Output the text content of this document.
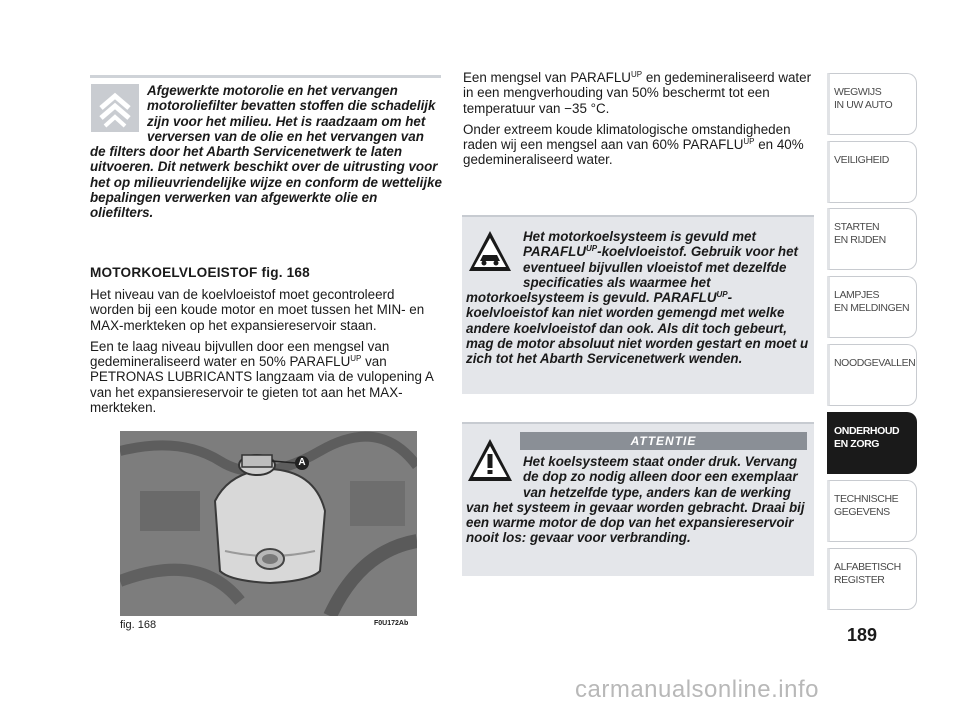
Afgewerkte motorolie en het vervangen motoroliefilter bevatten stoffen die schadelijk zijn voor het milieu. Het is raadzaam om het verversen van de olie en het vervangen van de filters door het Abarth Servicenetwerk te laten uitvoeren. Dit netwerk beschikt over de uitrusting voor het op milieuvriendelijke wijze en conform de wettelijke bepalingen verwerken van afgewerkte olie en oliefilters.
MOTORKOELVLOEISTOF fig. 168

Het niveau van de koelvloeistof moet gecontroleerd worden bij een koude motor en moet tussen het MIN- en MAX-merkteken op het expansiereservoir staan.

Een te laag niveau bijvullen door een mengsel van gedemineraliseerd water en 50% $PARAFLU^{UP}$ van PETRONAS LUBRICANTS langzaam via de vulopening A van het expansiereservoir te gieten tot aan het MAX-merkteken.

A
fig. 168	F0U172Ab

Een mengsel van $PARAFLU^{UP}$ en gedemineraliseerd water in een mengverhouding van 50% beschermt tot een temperatuur van −35 °C.

Onder extreem koude klimatologische omstandigheden raden wij een mengsel aan van 60% $PARAFLU^{UP}$ en 40% gedemineraliseerd water.

Het motorkoelsysteem is gevuld met $PARAFLU^{UP}$-koelvloeistof. Gebruik voor het eventueel bijvullen vloeistof met dezelfde specificaties als waarmee het motorkoelsysteem is gevuld. $PARAFLU^{UP}$-koelvloeistof kan niet worden gemengd met welke andere koelvloeistof dan ook. Als dit toch gebeurt, mag de motor absoluut niet worden gestart en moet u zich tot het Abarth Servicenetwerk wenden.
ATTENTIE
Het koelsysteem staat onder druk. Vervang de dop zo nodig alleen door een exemplaar van hetzelfde type, anders kan de werking van het systeem in gevaar worden gebracht. Draai bij een warme motor de dop van het expansiereservoir nooit los: gevaar voor verbranding.
WEGWIJS
IN UW AUTO
VEILIGHEID
STARTEN
EN RIJDEN
LAMPJES
EN MELDINGEN
NOODGEVALLEN
ONDERHOUD
EN ZORG
TECHNISCHE
GEGEVENS
ALFABETISCH
REGISTER
189
carmanualsonline.info
